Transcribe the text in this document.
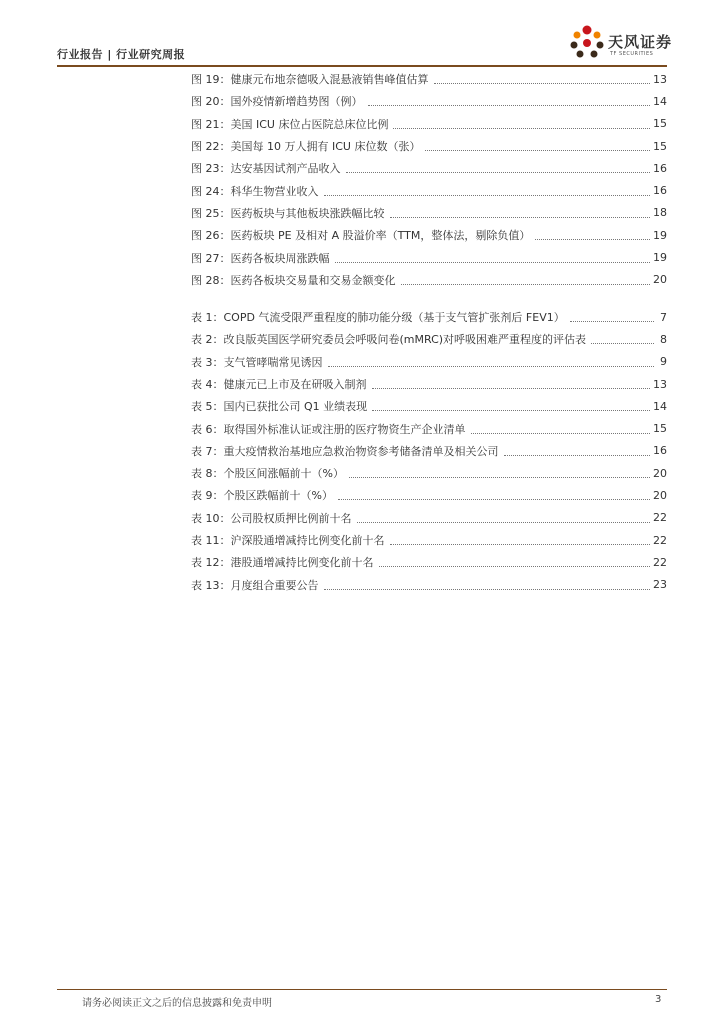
行业报告 | 行业研究周报
天风证券
TF SECURITIES
图 19：健康元布地奈德吸入混悬液销售峰值估算	13
图 20：国外疫情新增趋势图（例）	14
图 21：美国 ICU 床位占医院总床位比例	15
图 22：美国每 10 万人拥有 ICU 床位数（张）	15
图 23：达安基因试剂产品收入	16
图 24：科华生物营业收入	16
图 25：医药板块与其他板块涨跌幅比较	18
图 26：医药板块 PE 及相对 A 股溢价率（TTM，整体法，剔除负值）	19
图 27：医药各板块周涨跌幅	19
图 28：医药各板块交易量和交易金额变化	20
表 1：COPD 气流受限严重程度的肺功能分级（基于支气管扩张剂后 FEV1）	7
表 2：改良版英国医学研究委员会呼吸问卷(mMRC)对呼吸困难严重程度的评估表	8
表 3：支气管哮喘常见诱因	9
表 4：健康元已上市及在研吸入制剂	13
表 5：国内已获批公司 Q1 业绩表现	14
表 6：取得国外标准认证或注册的医疗物资生产企业清单	15
表 7：重大疫情救治基地应急救治物资参考储备清单及相关公司	16
表 8：个股区间涨幅前十（%）	20
表 9：个股区跌幅前十（%）	20
表 10：公司股权质押比例前十名	22
表 11：沪深股通增减持比例变化前十名	22
表 12：港股通增减持比例变化前十名	22
表 13：月度组合重要公告	23
请务必阅读正文之后的信息披露和免责申明	3
